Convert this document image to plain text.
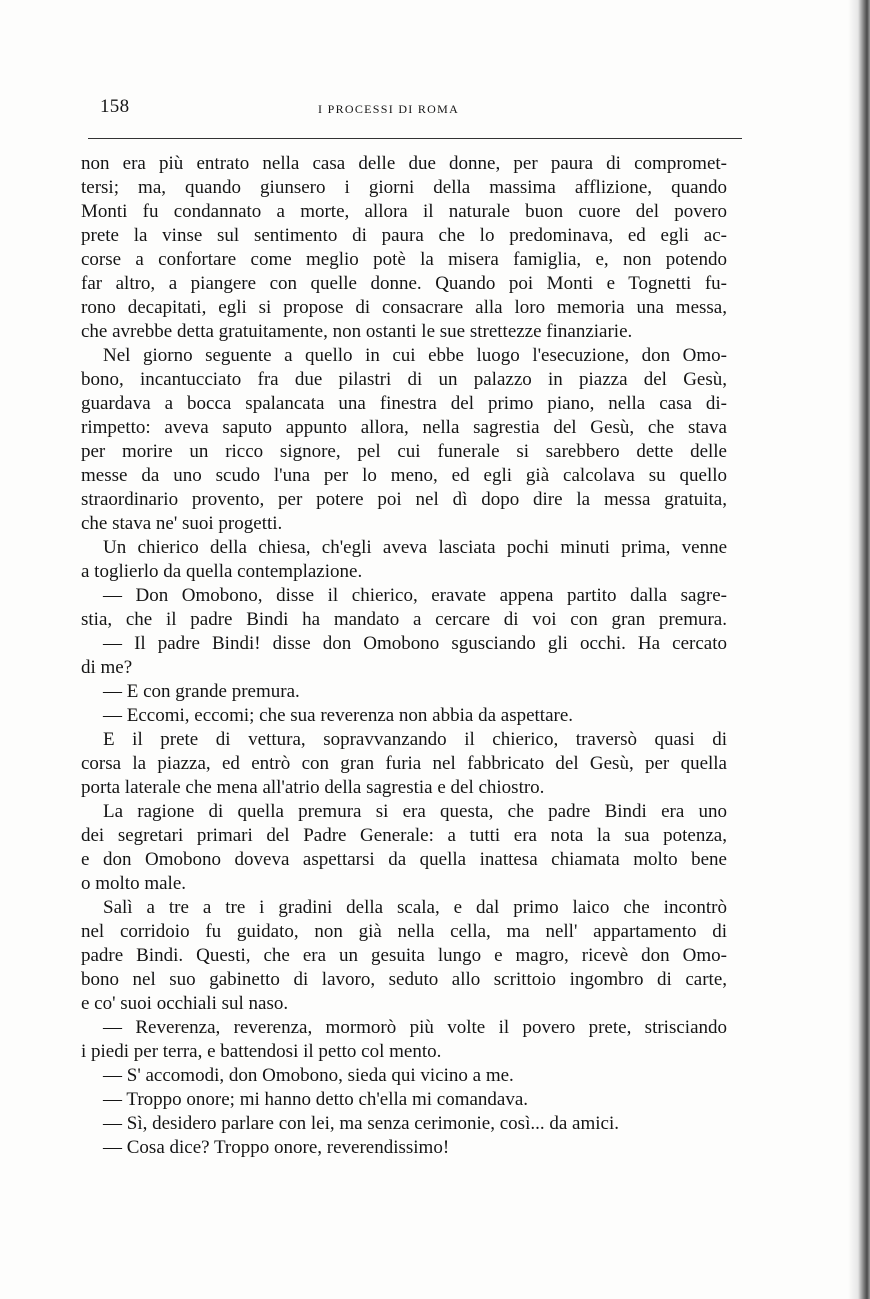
158	I PROCESSI DI ROMA
non era più entrato nella casa delle due donne, per paura di compromet-
tersi; ma, quando giunsero i giorni della massima afflizione, quando
Monti fu condannato a morte, allora il naturale buon cuore del povero
prete la vinse sul sentimento di paura che lo predominava, ed egli ac-
corse a confortare come meglio potè la misera famiglia, e, non potendo
far altro, a piangere con quelle donne. Quando poi Monti e Tognetti fu-
rono decapitati, egli si propose di consacrare alla loro memoria una messa,
che avrebbe detta gratuitamente, non ostanti le sue strettezze finanziarie.
Nel giorno seguente a quello in cui ebbe luogo l'esecuzione, don Omo-
bono, incantucciato fra due pilastri di un palazzo in piazza del Gesù,
guardava a bocca spalancata una finestra del primo piano, nella casa di-
rimpetto: aveva saputo appunto allora, nella sagrestia del Gesù, che stava
per morire un ricco signore, pel cui funerale si sarebbero dette delle
messe da uno scudo l'una per lo meno, ed egli già calcolava su quello
straordinario provento, per potere poi nel dì dopo dire la messa gratuita,
che stava ne' suoi progetti.
Un chierico della chiesa, ch'egli aveva lasciata pochi minuti prima, venne
a toglierlo da quella contemplazione.
— Don Omobono, disse il chierico, eravate appena partito dalla sagre-
stia, che il padre Bindi ha mandato a cercare di voi con gran premura.
— Il padre Bindi! disse don Omobono sgusciando gli occhi. Ha cercato
di me?
— E con grande premura.
— Eccomi, eccomi; che sua reverenza non abbia da aspettare.
E il prete di vettura, sopravvanzando il chierico, traversò quasi di
corsa la piazza, ed entrò con gran furia nel fabbricato del Gesù, per quella
porta laterale che mena all'atrio della sagrestia e del chiostro.
La ragione di quella premura si era questa, che padre Bindi era uno
dei segretari primari del Padre Generale: a tutti era nota la sua potenza,
e don Omobono doveva aspettarsi da quella inattesa chiamata molto bene
o molto male.
Salì a tre a tre i gradini della scala, e dal primo laico che incontrò
nel corridoio fu guidato, non già nella cella, ma nell' appartamento di
padre Bindi. Questi, che era un gesuita lungo e magro, ricevè don Omo-
bono nel suo gabinetto di lavoro, seduto allo scrittoio ingombro di carte,
e co' suoi occhiali sul naso.
— Reverenza, reverenza, mormorò più volte il povero prete, strisciando
i piedi per terra, e battendosi il petto col mento.
— S' accomodi, don Omobono, sieda qui vicino a me.
— Troppo onore; mi hanno detto ch'ella mi comandava.
— Sì, desidero parlare con lei, ma senza cerimonie, così... da amici.
— Cosa dice? Troppo onore, reverendissimo!
